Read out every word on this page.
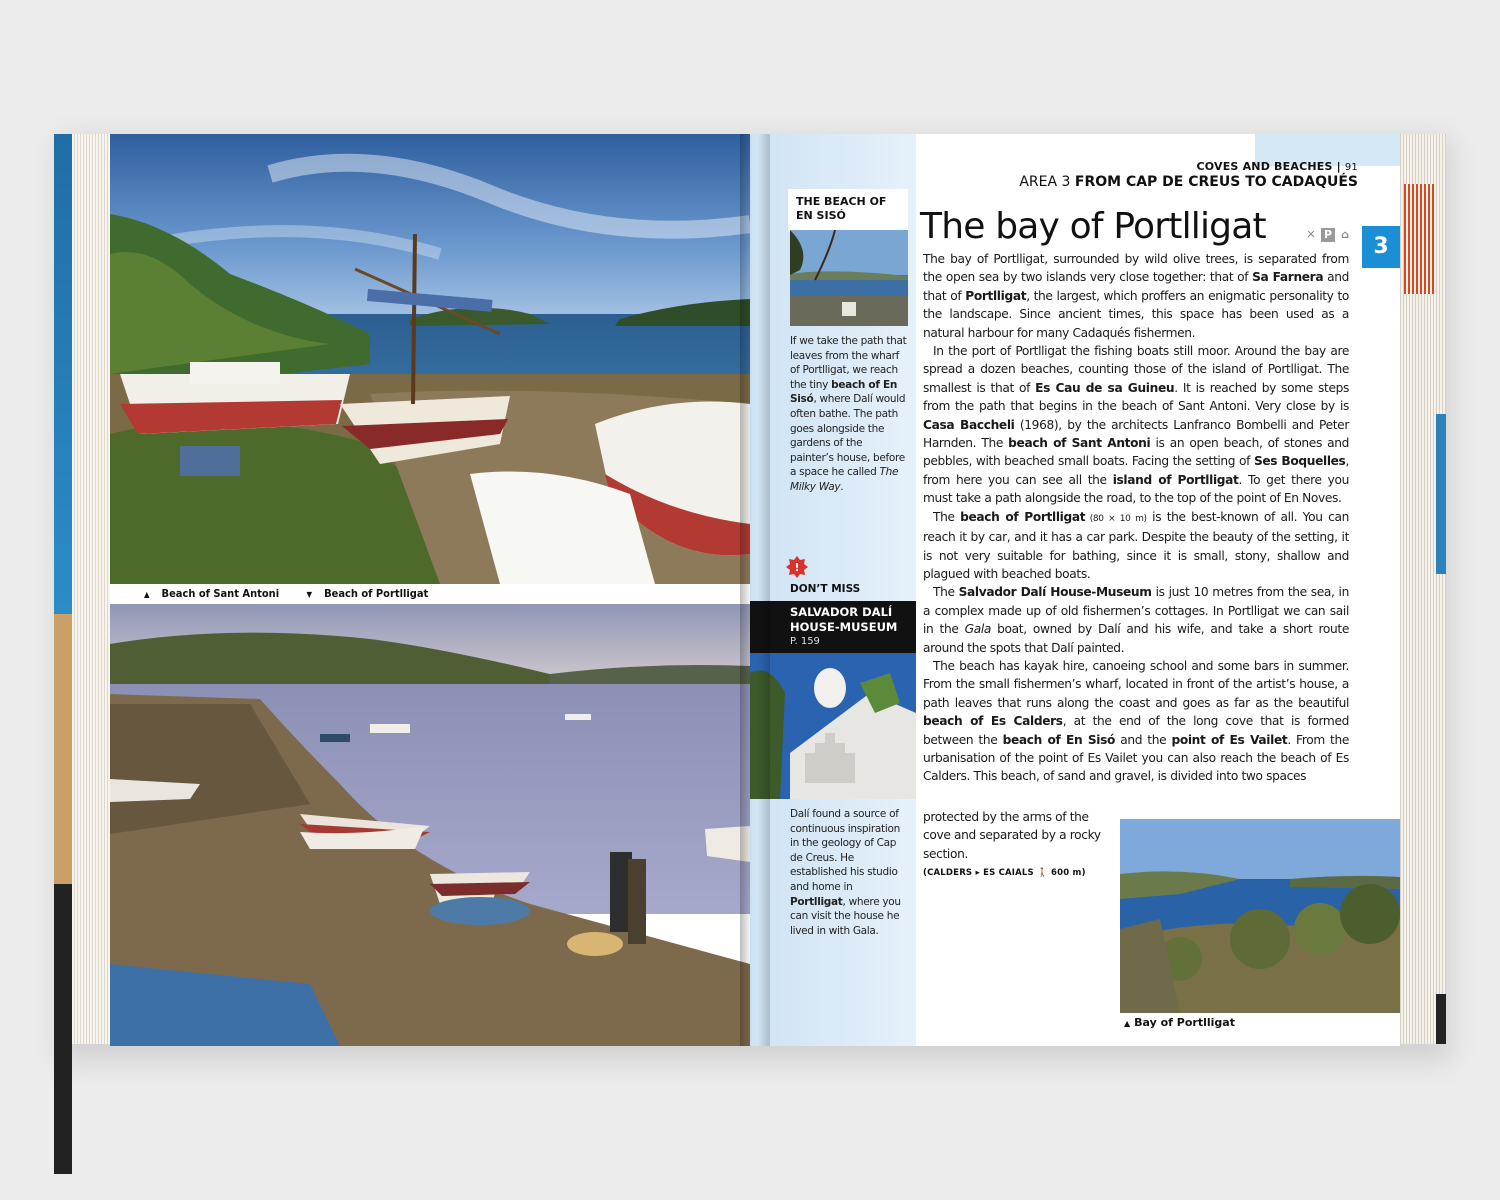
▲ Beach of Sant Antoni	▼ Beach of Portlligat
THE BEACH OF EN SISÓ
If we take the path that leaves from the wharf of Portlligat, we reach the tiny beach of En Sisó, where Dalí would often bathe. The path goes alongside the gardens of the painter’s house, before a space he called The Milky Way.
!
DON’T MISS
SALVADOR DALÍ
HOUSE-MUSEUM
P. 159
Dalí found a source of continuous inspiration in the geology of Cap de Creus. He established his studio and home in Portlligat, where you can visit the house he lived in with Gala.
COVES AND BEACHES | 91
AREA 3 FROM CAP DE CREUS TO CADAQUÉS
3
The bay of Portlligat	✕ P ⌂

The bay of Portlligat, surrounded by wild olive trees, is separated from the open sea by two islands very close together: that of Sa Farnera and that of Portlligat, the largest, which proffers an enigmatic personality to the landscape. Since ancient times, this space has been used as a natural harbour for many Cadaqués fishermen.

In the port of Portlligat the fishing boats still moor. Around the bay are spread a dozen beaches, counting those of the island of Portlligat. The smallest is that of Es Cau de sa Guineu. It is reached by some steps from the path that begins in the beach of Sant Antoni. Very close by is Casa Baccheli (1968), by the architects Lanfranco Bombelli and Peter Harnden. The beach of Sant Antoni is an open beach, of stones and pebbles, with beached small boats. Facing the setting of Ses Boquelles, from here you can see all the island of Portlligat. To get there you must take a path alongside the road, to the top of the point of En Noves.

The beach of Portlligat (80 × 10 m) is the best-known of all. You can reach it by car, and it has a car park. Despite the beauty of the setting, it is not very suitable for bathing, since it is small, stony, shallow and plagued with beached boats.

The Salvador Dalí House-Museum is just 10 metres from the sea, in a complex made up of old fishermen’s cottages. In Portlligat we can sail in the Gala boat, owned by Dalí and his wife, and take a short route around the spots that Dalí painted.

The beach has kayak hire, canoeing school and some bars in summer. From the small fishermen’s wharf, located in front of the artist’s house, a path leaves that runs along the coast and goes as far as the beautiful beach of Es Calders, at the end of the long cove that is formed between the beach of En Sisó and the point of Es Vailet. From the urbanisation of the point of Es Vailet you can also reach the beach of Es Calders. This beach, of sand and gravel, is divided into two spaces

protected by the arms of the cove and separated by a rocky section.
(CALDERS ▸ ES CAIALS 🚶 600 m)
▲ Bay of Portlligat
